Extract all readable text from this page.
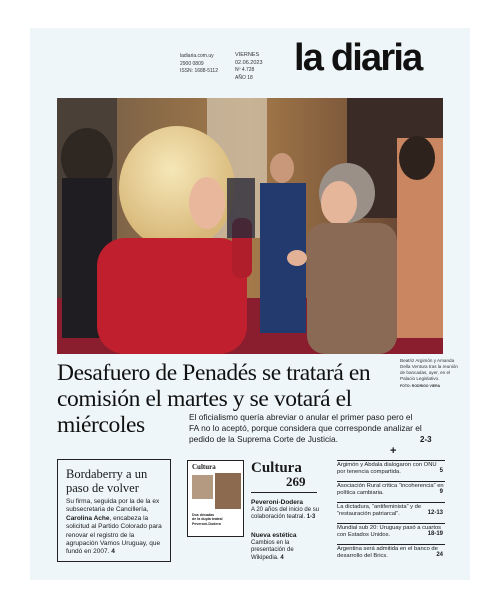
ladiaria.com.uy
2900 0809
ISSN: 1688-5112
VIERNES
02.06.2023
Nº 4.728
AÑO 18 la diaria
Beatriz Argimón y Amanda Della Ventura tras la reunión de bancadas, ayer, en el Palacio Legislativo.
FOTO: RODRIGO VIERA
Desafuero de Penadés se tratará en comisión el martes y se votará el miércoles	El oficialismo quería abreviar o anular el primer paso pero el FA no lo aceptó, porque considera que corresponde analizar el pedido de la Suprema Corte de Justicia.	2-3
Bordaberry a un paso de volver

Su firma, seguida por la de la ex subsecretaria de Cancillería, Carolina Ache, encabeza la solicitud al Partido Colorado para renovar el registro de la agrupación Vamos Uruguay, que fundó en 2007. 4

Cultura
Dos décadas
de la dupla teatral
Peveroni-Dodera
Cultura
269
Peveroni-Dodera
A 20 años del inicio de su colaboración teatral. 1-3
Nueva estética
Cambios en la presentación de Wikipedia. 4
+
Argimón y Abdala dialogaron con ONU por tenencia compartida.	5
Asociación Rural critica “incoherencia” en política cambiaria.	9
La dictadura, “antifeminista” y de “restauración patriarcal”.	12-13
Mundial sub 20: Uruguay pasó a cuartos con Estados Unidos.	18-19
Argentina será admitida en el banco de desarrollo del Brics.	24
